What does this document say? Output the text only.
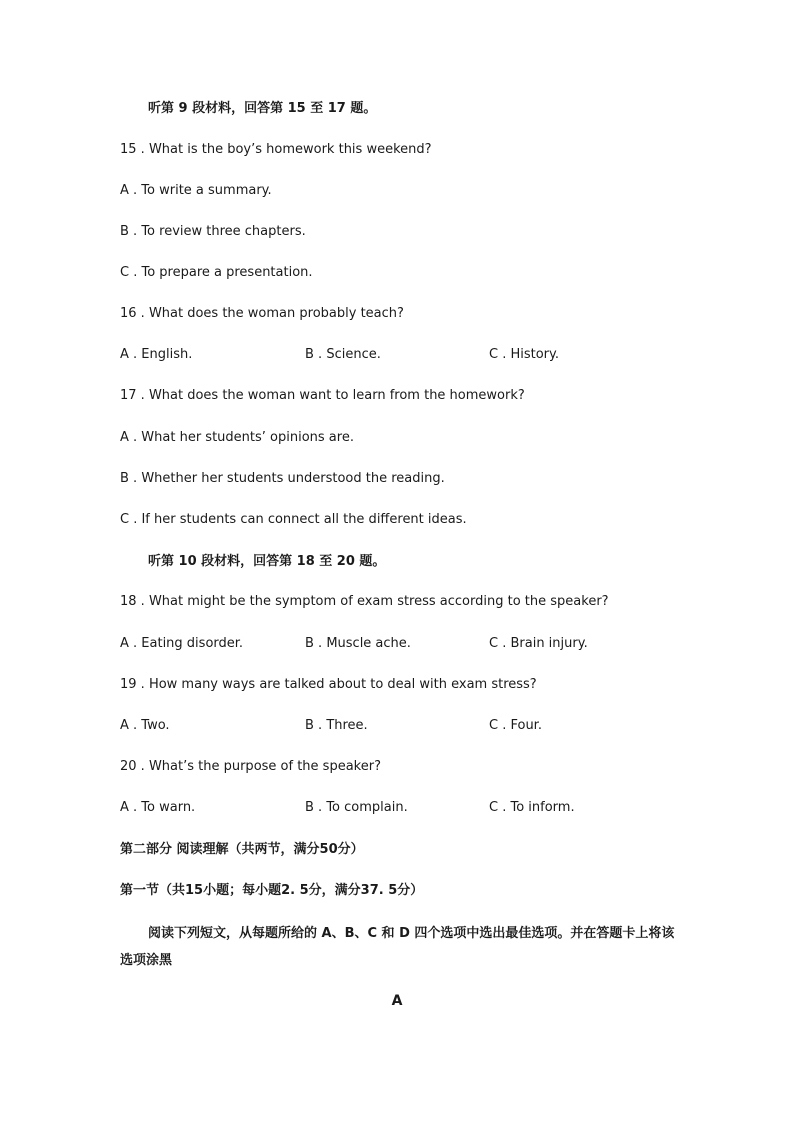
听第 9 段材料，回答第 15 至 17 题。
15 . What is the boy’s homework this weekend?
A . To write a summary.
B . To review three chapters.
C . To prepare a presentation.
16 . What does the woman probably teach?
A . English.	B . Science.	C . History.
17 . What does the woman want to learn from the homework?
A . What her students’ opinions are.
B . Whether her students understood the reading.
C . If her students can connect all the different ideas.
听第 10 段材料，回答第 18 至 20 题。
18 . What might be the symptom of exam stress according to the speaker?
A . Eating disorder.	B . Muscle ache.	C . Brain injury.
19 . How many ways are talked about to deal with exam stress?
A . Two.	B . Three.	C . Four.
20 . What’s the purpose of the speaker?
A . To warn.	B . To complain.	C . To inform.
第二部分 阅读理解（共两节，满分50分）
第一节（共15小题；每小题2. 5分，满分37. 5分）
阅读下列短文，从每题所给的 A、B、C 和 D 四个选项中选出最佳选项。并在答题卡上将该选项涂黑
A
